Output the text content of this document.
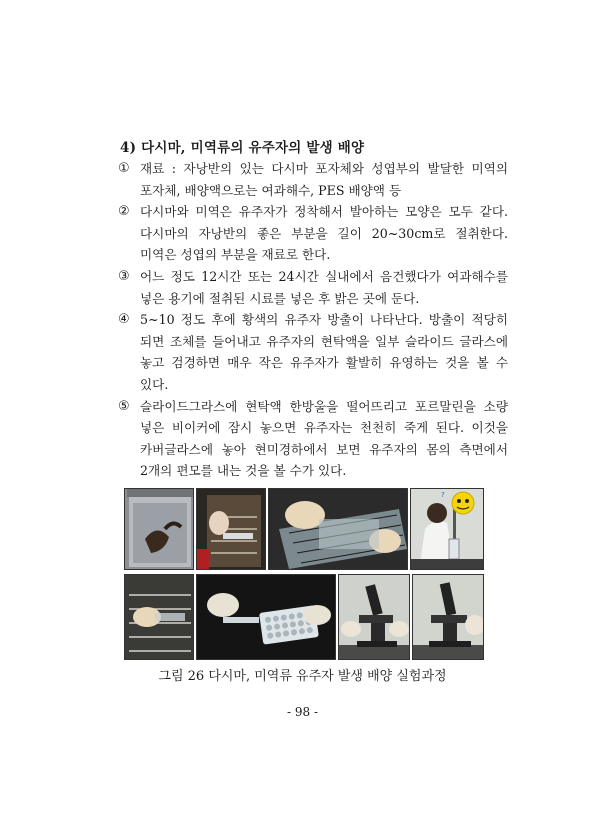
4) 다시마, 미역류의 유주자의 발생 배양
① 재료 : 자낭반의 있는 다시마 포자체와 성엽부의 발달한 미역의 포자체, 배양액으로는 여과해수, PES 배양액 등
② 다시마와 미역은 유주자가 정착해서 발아하는 모양은 모두 같다. 다시마의 자낭반의 좋은 부분을 길이 20~30cm로 절취한다. 미역은 성엽의 부분을 재료로 한다.
③ 어느 정도 12시간 또는 24시간 실내에서 음건했다가 여과해수를 넣은 용기에 절취된 시료를 넣은 후 밝은 곳에 둔다.
④ 5~10 정도 후에 황색의 유주자 방출이 나타난다. 방출이 적당히 되면 조체를 들어내고 유주자의 현탁액을 일부 슬라이드 글라스에 놓고 검경하면 매우 작은 유주자가 활발히 유영하는 것을 볼 수 있다.
⑤ 슬라이드그라스에 현탁액 한방울을 떨어뜨리고 포르말린을 소량 넣은 비이커에 잠시 놓으면 유주자는 천천히 죽게 된다. 이것을 카버글라스에 놓아 현미경하에서 보면 유주자의 몸의 측면에서 2개의 편모를 내는 것을 볼 수가 있다.
?
그림 26 다시마, 미역류 유주자 발생 배양 실험과정
- 98 -
